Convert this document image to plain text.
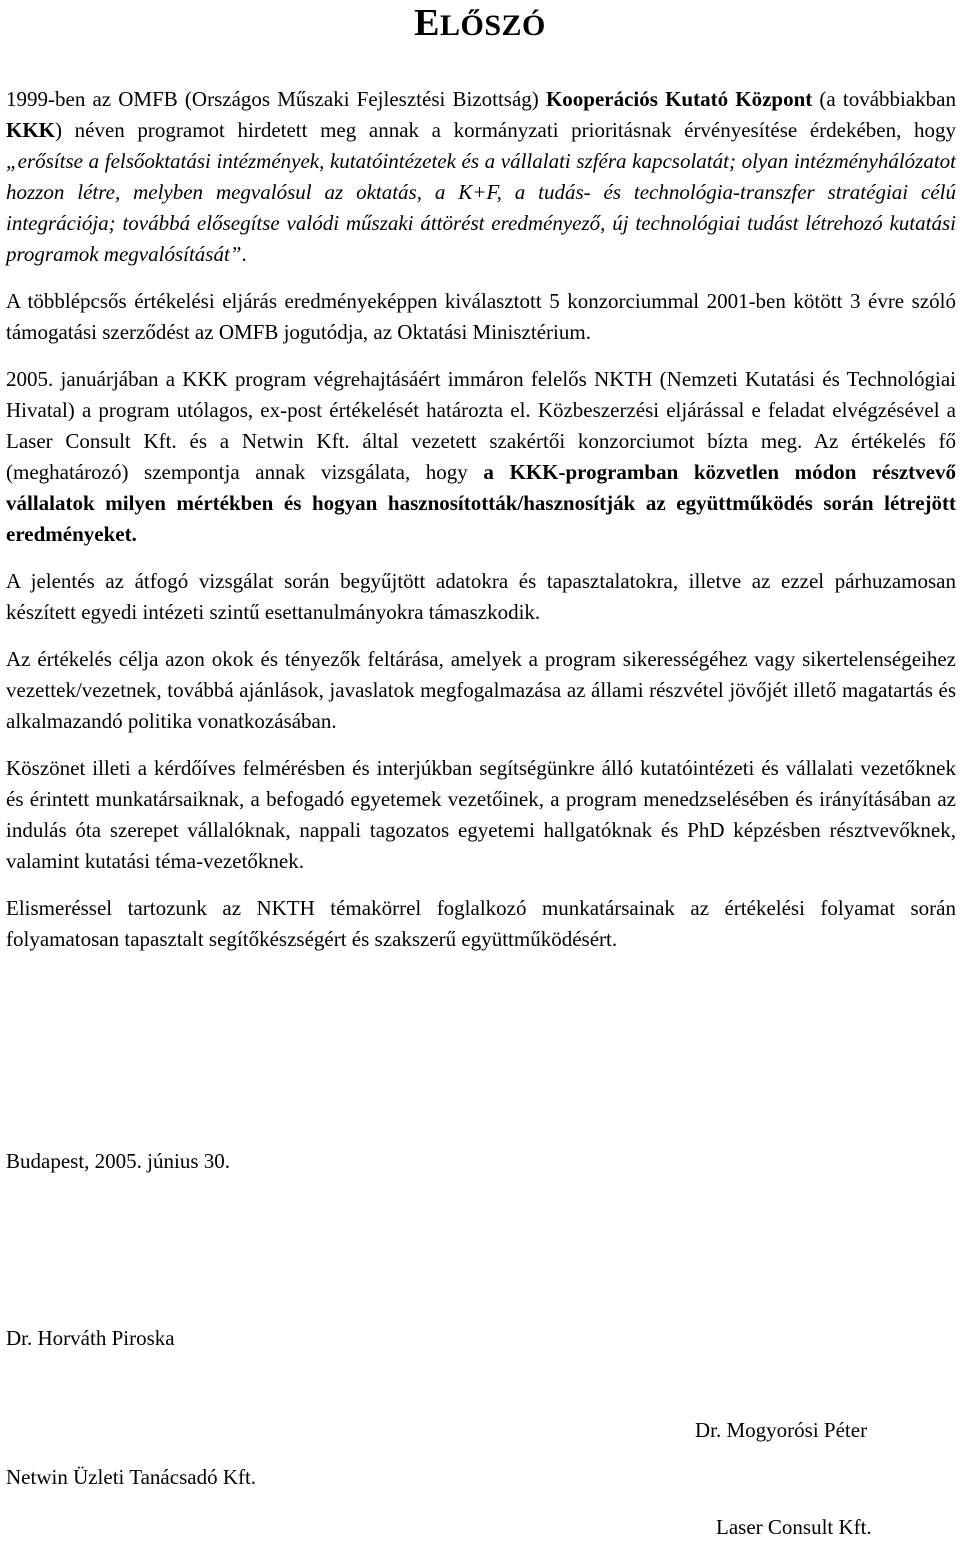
ELŐSZÓ

1999-ben az OMFB (Országos Műszaki Fejlesztési Bizottság) Kooperációs Kutató Központ (a továbbiakban KKK) néven programot hirdetett meg annak a kormányzati prioritásnak érvényesítése érdekében, hogy „erősítse a felsőoktatási intézmények, kutatóintézetek és a vállalati szféra kapcsolatát; olyan intézményhálózatot hozzon létre, melyben megvalósul az oktatás, a K+F, a tudás- és technológia-transzfer stratégiai célú integrációja; továbbá elősegítse valódi műszaki áttörést eredményező, új technológiai tudást létrehozó kutatási programok megvalósítását”.

A többlépcsős értékelési eljárás eredményeképpen kiválasztott 5 konzorciummal 2001-ben kötött 3 évre szóló támogatási szerződést az OMFB jogutódja, az Oktatási Minisztérium.

2005. januárjában a KKK program végrehajtásáért immáron felelős NKTH (Nemzeti Kutatási és Technológiai Hivatal) a program utólagos, ex-post értékelését határozta el. Közbeszerzési eljárással e feladat elvégzésével a Laser Consult Kft. és a Netwin Kft. által vezetett szakértői konzorciumot bízta meg. Az értékelés fő (meghatározó) szempontja annak vizsgálata, hogy a KKK-programban közvetlen módon résztvevő vállalatok milyen mértékben és hogyan hasznosították/hasznosítják az együttműködés során létrejött eredményeket.

A jelentés az átfogó vizsgálat során begyűjtött adatokra és tapasztalatokra, illetve az ezzel párhuzamosan készített egyedi intézeti szintű esettanulmányokra támaszkodik.

Az értékelés célja azon okok és tényezők feltárása, amelyek a program sikerességéhez vagy sikertelenségeihez vezettek/vezetnek, továbbá ajánlások, javaslatok megfogalmazása az állami részvétel jövőjét illető magatartás és alkalmazandó politika vonatkozásában.

Köszönet illeti a kérdőíves felmérésben és interjúkban segítségünkre álló kutatóintézeti és vállalati vezetőknek és érintett munkatársaiknak, a befogadó egyetemek vezetőinek, a program menedzselésében és irányításában az indulás óta szerepet vállalóknak, nappali tagozatos egyetemi hallgatóknak és PhD képzésben résztvevőknek, valamint kutatási téma-vezetőknek.

Elismeréssel tartozunk az NKTH témakörrel foglalkozó munkatársainak az értékelési folyamat során folyamatosan tapasztalt segítőkészségért és szakszerű együttműködésért.

Budapest, 2005. június 30.
Dr. Horváth Piroska
Netwin Üzleti Tanácsadó Kft.
Dr. Mogyorósi Péter
Laser Consult Kft.
